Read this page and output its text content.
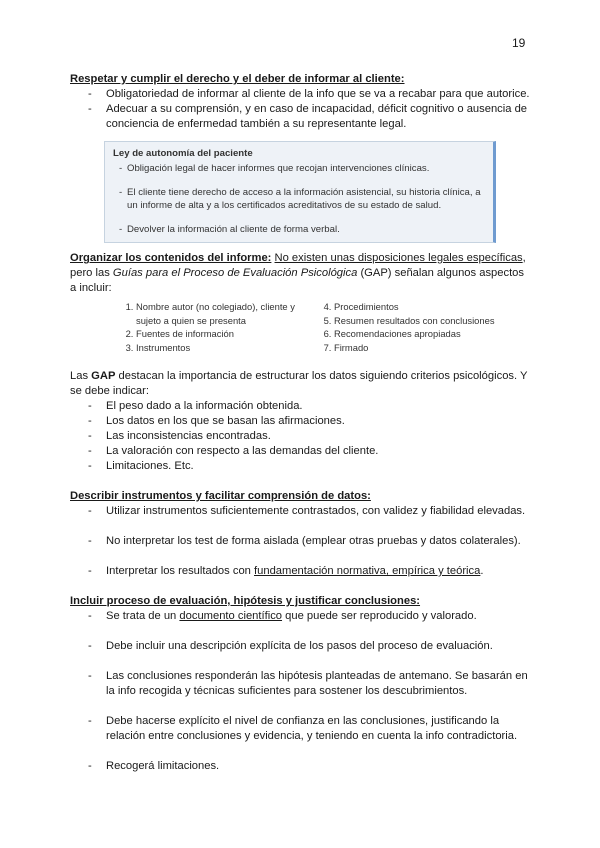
19

Respetar y cumplir el derecho y el deber de informar al cliente:

- Obligatoriedad de informar al cliente de la info que se va a recabar para que autorice.
- Adecuar a su comprensión, y en caso de incapacidad, déficit cognitivo o ausencia de conciencia de enfermedad también a su representante legal.
Ley de autonomía del paciente
- Obligación legal de hacer informes que recojan intervenciones clínicas.
- El cliente tiene derecho de acceso a la información asistencial, su historia clínica, a un informe de alta y a los certificados acreditativos de su estado de salud.
- Devolver la información al cliente de forma verbal.

Organizar los contenidos del informe: No existen unas disposiciones legales específicas, pero las Guías para el Proceso de Evaluación Psicológica (GAP) señalan algunos aspectos a incluir:

1. Nombre autor (no colegiado), cliente y sujeto a quien se presenta
2. Fuentes de información
3. Instrumentos
4. Procedimientos
5. Resumen resultados con conclusiones
6. Recomendaciones apropiadas
7. Firmado

Las GAP destacan la importancia de estructurar los datos siguiendo criterios psicológicos. Y se debe indicar:

- El peso dado a la información obtenida.
- Los datos en los que se basan las afirmaciones.
- Las inconsistencias encontradas.
- La valoración con respecto a las demandas del cliente.
- Limitaciones. Etc.

Describir instrumentos y facilitar comprensión de datos:

- Utilizar instrumentos suficientemente contrastados, con validez y fiabilidad elevadas.
- No interpretar los test de forma aislada (emplear otras pruebas y datos colaterales).
- Interpretar los resultados con fundamentación normativa, empírica y teórica.

Incluir proceso de evaluación, hipótesis y justificar conclusiones:

- Se trata de un documento científico que puede ser reproducido y valorado.
- Debe incluir una descripción explícita de los pasos del proceso de evaluación.
- Las conclusiones responderán las hipótesis planteadas de antemano. Se basarán en la info recogida y técnicas suficientes para sostener los descubrimientos.
- Debe hacerse explícito el nivel de confianza en las conclusiones, justificando la relación entre conclusiones y evidencia, y teniendo en cuenta la info contradictoria.
- Recogerá limitaciones.
